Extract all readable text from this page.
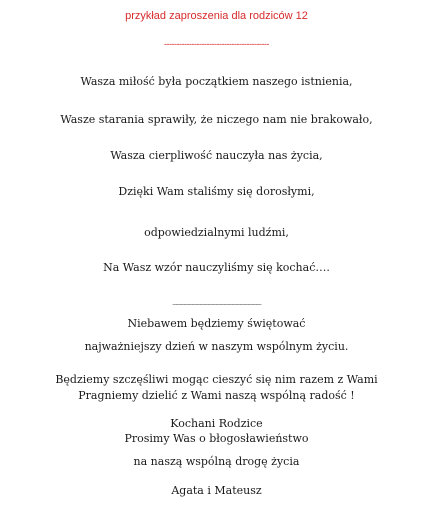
przykład zaproszenia dla rodziców 12
------------------------------------------
Wasza miłość była początkiem naszego istnienia,
Wasze starania sprawiły, że niczego nam nie brakowało,
Wasza cierpliwość nauczyła nas życia,
Dzięki Wam staliśmy się dorosłymi,
odpowiedzialnymi ludźmi,
Na Wasz wzór nauczyliśmy się kochać….
______________________
Niebawem będziemy świętować
najważniejszy dzień w naszym wspólnym życiu.
Będziemy szczęśliwi mogąc cieszyć się nim razem z Wami
Pragniemy dzielić z Wami naszą wspólną radość !
Kochani Rodzice
Prosimy Was o błogosławieństwo
na naszą wspólną drogę życia
Agata i Mateusz
